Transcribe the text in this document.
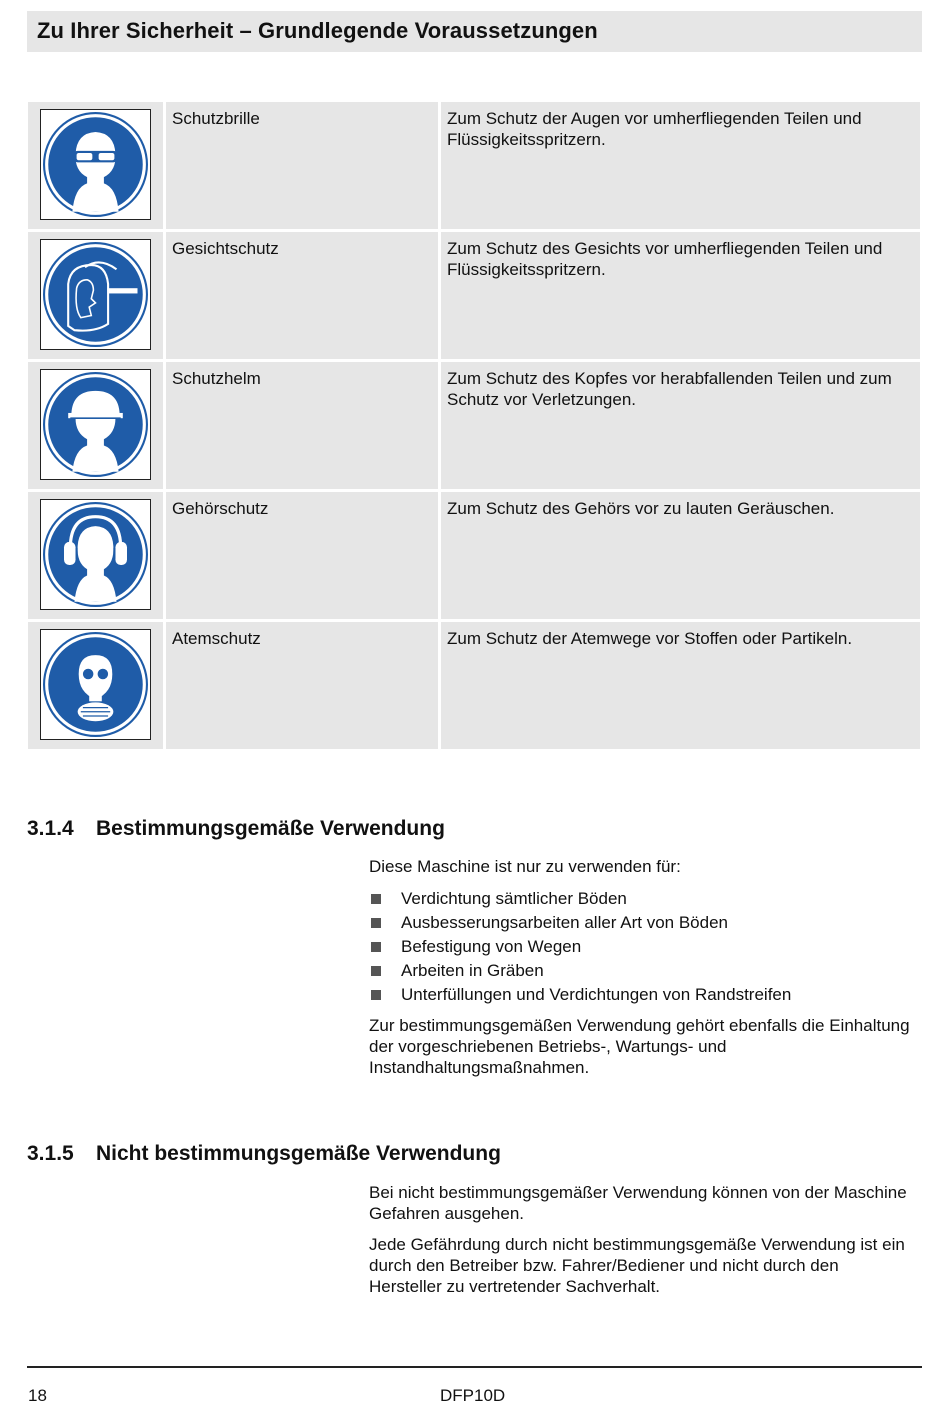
Zu Ihrer Sicherheit – Grundlegende Voraussetzungen
Schutzbrille	Zum Schutz der Augen vor umherfliegenden Teilen und Flüssigkeitsspritzern.
Gesichtschutz	Zum Schutz des Gesichts vor umherfliegenden Teilen und Flüssigkeitsspritzern.
Schutzhelm	Zum Schutz des Kopfes vor herabfallenden Teilen und zum Schutz vor Verletzungen.
Gehörschutz	Zum Schutz des Gehörs vor zu lauten Geräuschen.
Atemschutz	Zum Schutz der Atemwege vor Stoffen oder Partikeln.
3.1.4 Bestimmungsgemäße Verwendung

Diese Maschine ist nur zu verwenden für:

Verdichtung sämtlicher Böden
Ausbesserungsarbeiten aller Art von Böden
Befestigung von Wegen
Arbeiten in Gräben
Unterfüllungen und Verdichtungen von Randstreifen

Zur bestimmungsgemäßen Verwendung gehört ebenfalls die Einhaltung der vorgeschriebenen Betriebs-, Wartungs- und Instandhaltungsmaßnahmen.

3.1.5 Nicht bestimmungsgemäße Verwendung

Bei nicht bestimmungsgemäßer Verwendung können von der Maschine Gefahren ausgehen.

Jede Gefährdung durch nicht bestimmungsgemäße Verwendung ist ein durch den Betreiber bzw. Fahrer/Bediener und nicht durch den Hersteller zu vertretender Sachverhalt.

18	DFP10D
